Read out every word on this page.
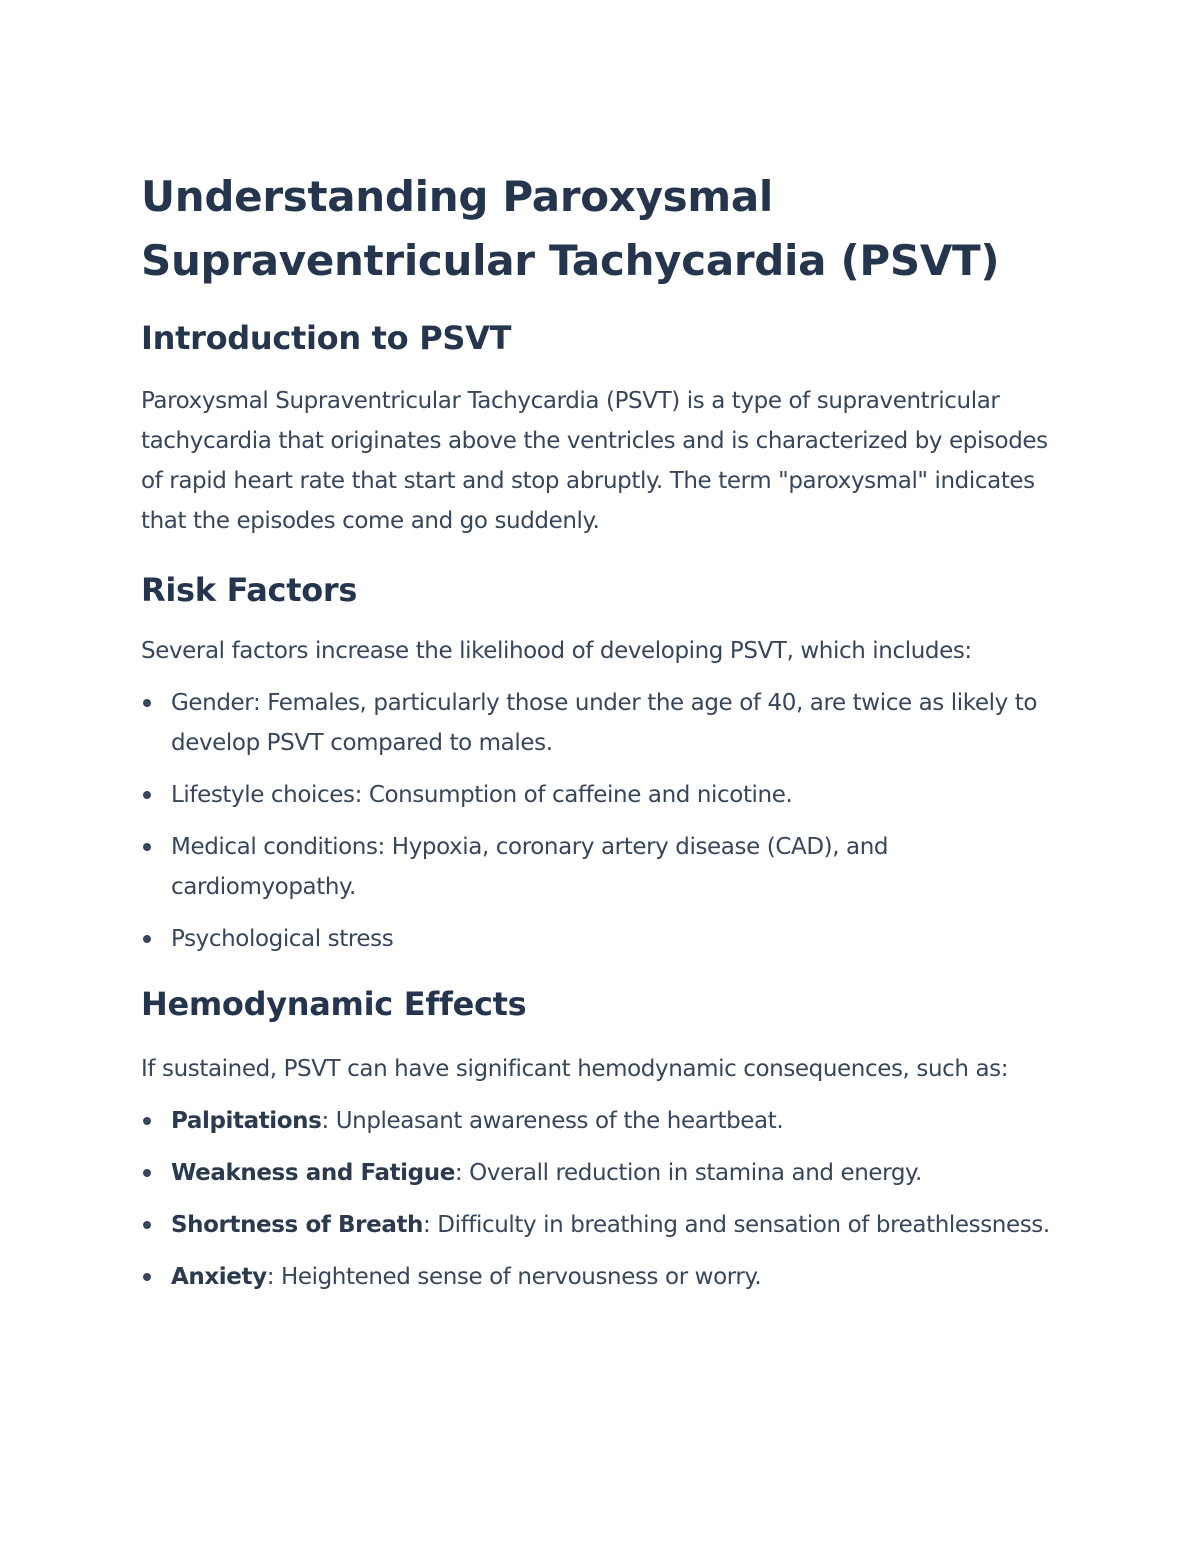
Understanding Paroxysmal Supraventricular Tachycardia (PSVT)
Introduction to PSVT

Paroxysmal Supraventricular Tachycardia (PSVT) is a type of supraventricular tachycardia that originates above the ventricles and is characterized by episodes of rapid heart rate that start and stop abruptly. The term "paroxysmal" indicates that the episodes come and go suddenly.

Risk Factors

Several factors increase the likelihood of developing PSVT, which includes:

Gender: Females, particularly those under the age of 40, are twice as likely to develop PSVT compared to males.
Lifestyle choices: Consumption of caffeine and nicotine.
Medical conditions: Hypoxia, coronary artery disease (CAD), and cardiomyopathy.
Psychological stress
Hemodynamic Effects

If sustained, PSVT can have significant hemodynamic consequences, such as:

Palpitations: Unpleasant awareness of the heartbeat.
Weakness and Fatigue: Overall reduction in stamina and energy.
Shortness of Breath: Difficulty in breathing and sensation of breathlessness.
Anxiety: Heightened sense of nervousness or worry.
